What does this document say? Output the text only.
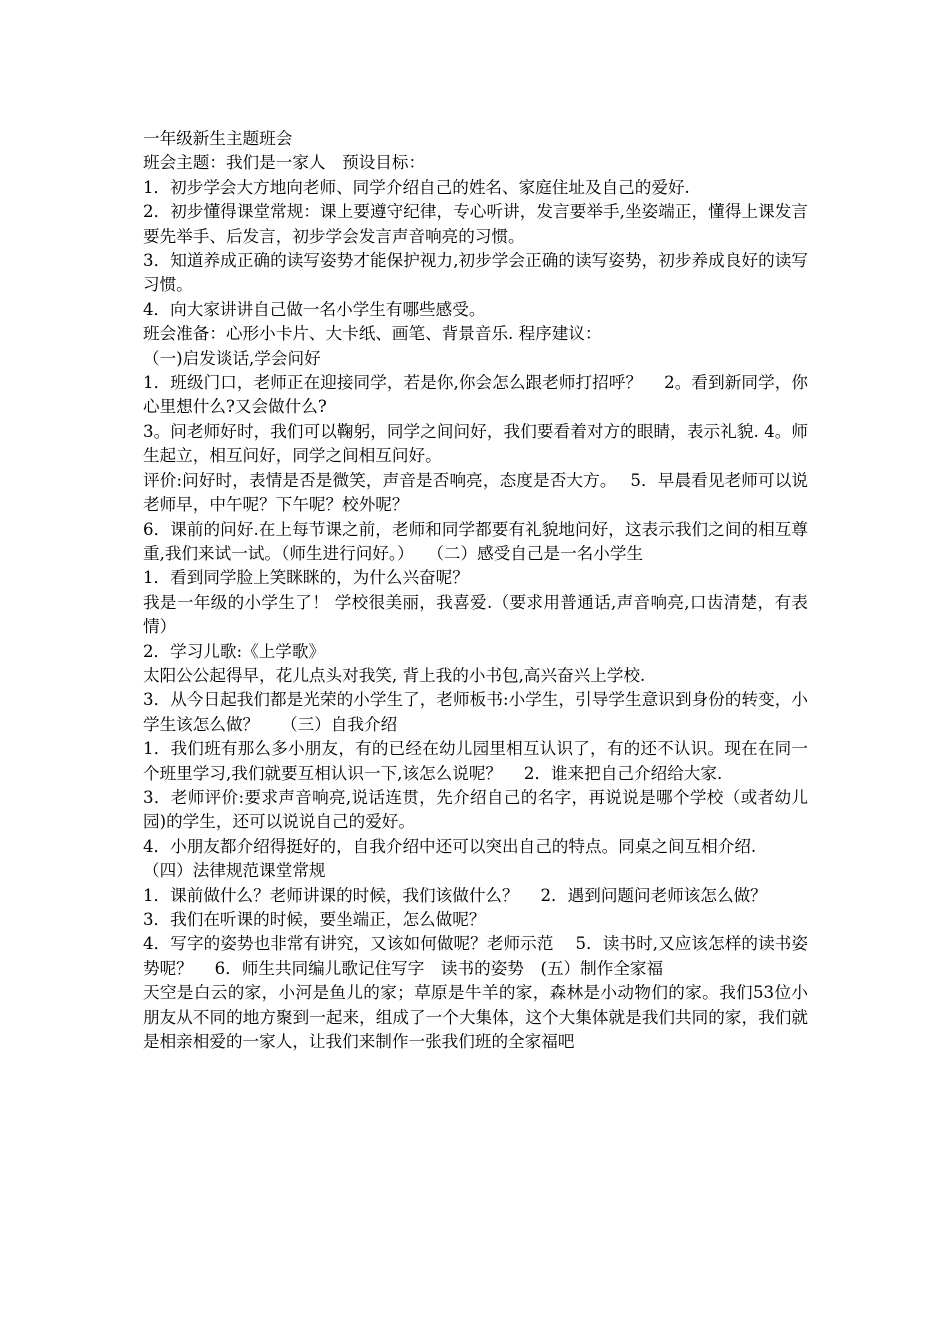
一年级新生主题班会

班会主题：我们是一家人　预设目标：

1．初步学会大方地向老师、同学介绍自己的姓名、家庭住址及自己的爱好.

2．初步懂得课堂常规：课上要遵守纪律，专心听讲，发言要举手,坐姿端正，懂得上课发言要先举手、后发言，初步学会发言声音响亮的习惯。

3．知道养成正确的读写姿势才能保护视力,初步学会正确的读写姿势，初步养成良好的读写习惯。

4．向大家讲讲自己做一名小学生有哪些感受。

班会准备：心形小卡片、大卡纸、画笔、背景音乐. 程序建议：

（一)启发谈话,学会问好

1．班级门口，老师正在迎接同学，若是你,你会怎么跟老师打招呼？　 2。看到新同学，你心里想什么?又会做什么?

3。问老师好时，我们可以鞠躬，同学之间问好，我们要看着对方的眼睛，表示礼貌. 4。师生起立，相互问好，同学之间相互问好。

评价:问好时，表情是否是微笑，声音是否响亮，态度是否大方。　 5．早晨看见老师可以说老师早，中午呢？下午呢？校外呢？

6．课前的问好.在上每节课之前，老师和同学都要有礼貌地问好，这表示我们之间的相互尊重,我们来试一试。（师生进行问好。）　 （二）感受自己是一名小学生

1．看到同学脸上笑眯眯的，为什么兴奋呢？

我是一年级的小学生了！ 学校很美丽，我喜爱.（要求用普通话,声音响亮,口齿清楚，有表情）

2．学习儿歌:《上学歌》

太阳公公起得早，花儿点头对我笑, 背上我的小书包,高兴奋兴上学校.

3．从今日起我们都是光荣的小学生了，老师板书:小学生，引导学生意识到身份的转变，小学生该怎么做？　 （三）自我介绍

1．我们班有那么多小朋友，有的已经在幼儿园里相互认识了，有的还不认识。现在在同一个班里学习,我们就要互相认识一下,该怎么说呢？　 2．谁来把自己介绍给大家.

3．老师评价:要求声音响亮,说话连贯，先介绍自己的名字，再说说是哪个学校（或者幼儿园)的学生，还可以说说自己的爱好。

4．小朋友都介绍得挺好的，自我介绍中还可以突出自己的特点。同桌之间互相介绍.

（四）法律规范课堂常规

1．课前做什么？老师讲课的时候，我们该做什么？　 2．遇到问题问老师该怎么做？

3．我们在听课的时候，要坐端正，怎么做呢？

4．写字的姿势也非常有讲究，又该如何做呢？老师示范　 5．读书时,又应该怎样的读书姿势呢？　 6．师生共同编儿歌记住写字　读书的姿势　(五）制作全家福

天空是白云的家，小河是鱼儿的家；草原是牛羊的家，森林是小动物们的家。我们53位小朋友从不同的地方聚到一起来，组成了一个大集体，这个大集体就是我们共同的家，我们就是相亲相爱的一家人，让我们来制作一张我们班的全家福吧
